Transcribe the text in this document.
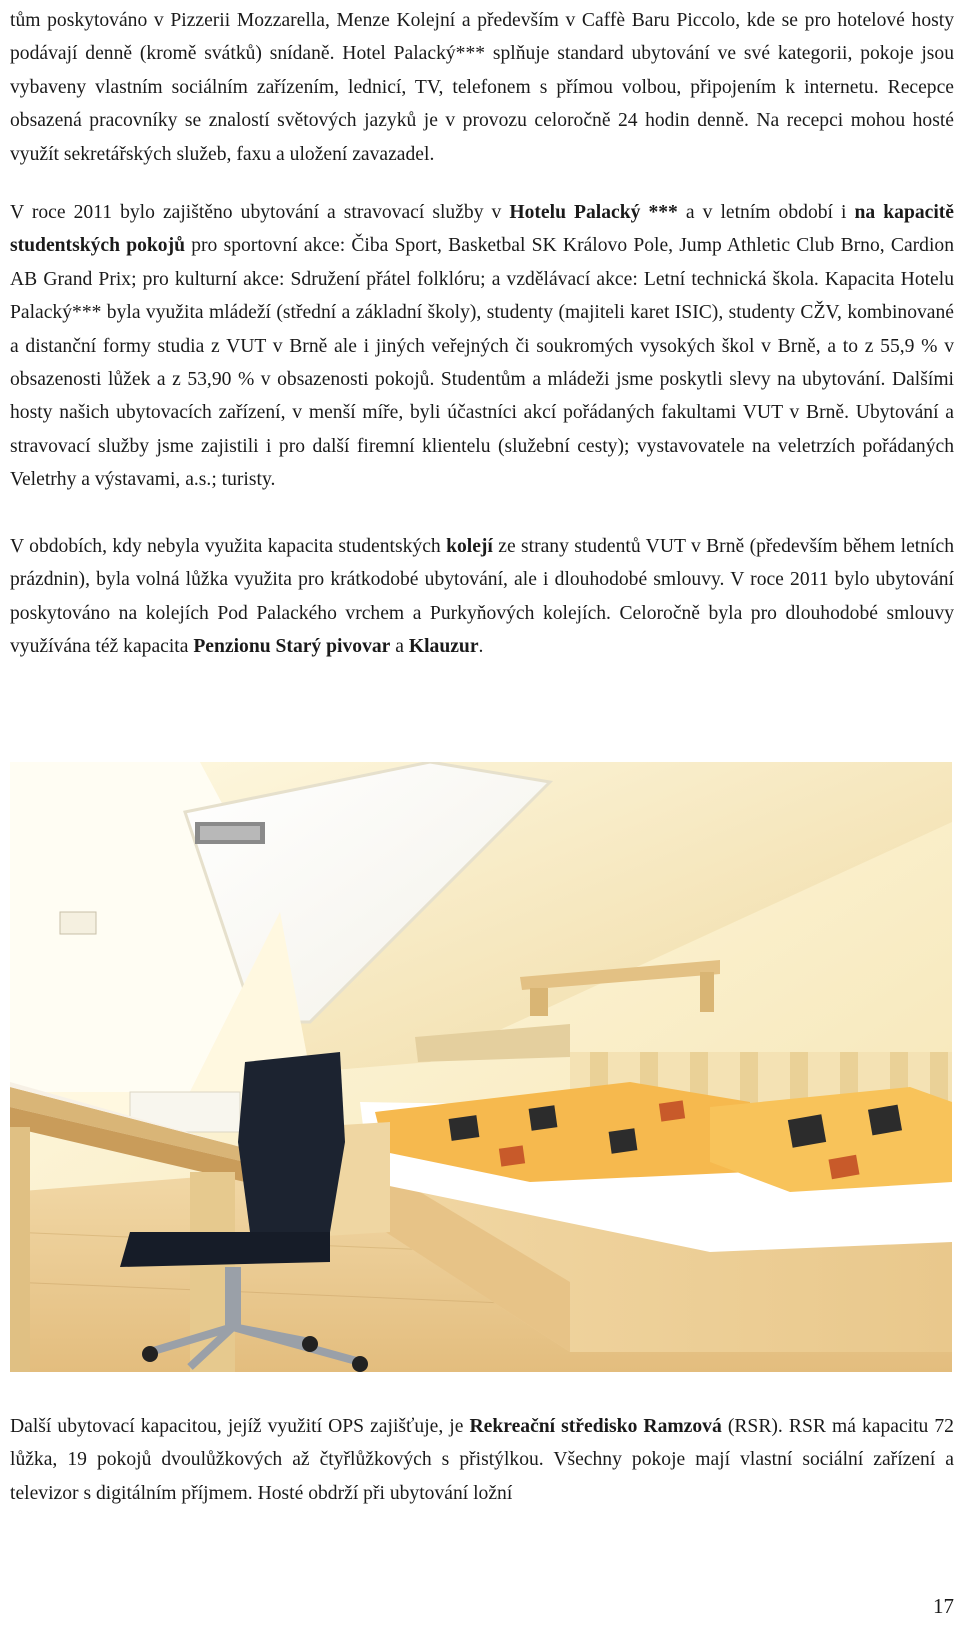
tům poskytováno v Pizzerii Mozzarella, Menze Kolejní a především v Caffè Baru Piccolo, kde se pro hotelové hosty podávají denně (kromě svátků) snídaně. Hotel Palacký*** splňuje standard ubytování ve své kategorii, pokoje jsou vybaveny vlastním sociálním zařízením, lednicí, TV, telefonem s přímou volbou, připojením k internetu. Recepce obsazená pracovníky se znalostí světových jazyků je v provozu celoročně 24 hodin denně. Na recepci mohou hosté využít sekretářských služeb, faxu a uložení zavazadel.

V roce 2011 bylo zajištěno ubytování a stravovací služby v Hotelu Palacký *** a v letním období i na kapacitě studentských pokojů pro sportovní akce: Čiba Sport, Basketbal SK Královo Pole, Jump Athletic Club Brno, Cardion AB Grand Prix; pro kulturní akce: Sdružení přátel folklóru; a vzdělávací akce: Letní technická škola. Kapacita Hotelu Palacký*** byla využita mládeží (střední a základní školy), studenty (majiteli karet ISIC), studenty CŽV, kombinované a distanční formy studia z VUT v Brně ale i jiných veřejných či soukromých vysokých škol v Brně, a to z 55,9 % v obsazenosti lůžek a z 53,90 % v obsazenosti pokojů. Studentům a mládeži jsme poskytli slevy na ubytování. Dalšími hosty našich ubytovacích zařízení, v menší míře, byli účastníci akcí pořádaných fakultami VUT v Brně. Ubytování a stravovací služby jsme zajistili i pro další firemní klientelu (služební cesty); vystavovatele na veletrzích pořádaných Veletrhy a výstavami, a.s.; turisty.

V obdobích, kdy nebyla využita kapacita studentských kolejí ze strany studentů VUT v Brně (především během letních prázdnin), byla volná lůžka využita pro krátkodobé ubytování, ale i dlouhodobé smlouvy. V roce 2011 bylo ubytování poskytováno na kolejích Pod Palackého vrchem a Purkyňových kolejích. Celoročně byla pro dlouhodobé smlouvy využívána též kapacita Penzionu Starý pivovar a Klauzur.

Další ubytovací kapacitou, jejíž využití OPS zajišťuje, je Rekreační středisko Ramzová (RSR). RSR má kapacitu 72 lůžka, 19 pokojů dvoulůžkových až čtyřlůžkových s přistýlkou. Všechny pokoje mají vlastní sociální zařízení a televizor s digitálním příjmem. Hosté obdrží při ubytování ložní

17
